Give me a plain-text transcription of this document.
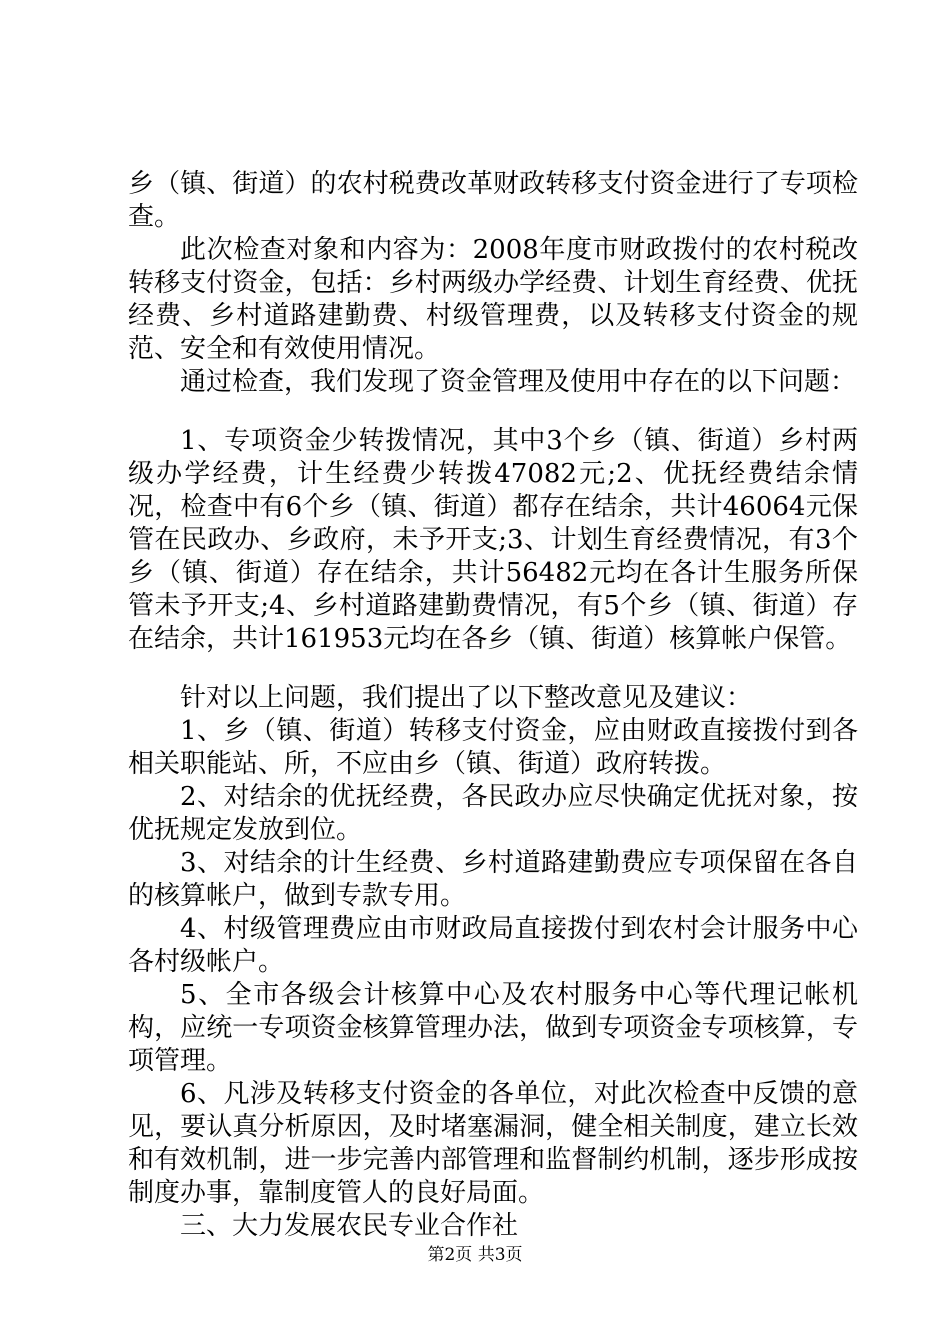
乡（镇、街道）的农村税费改革财政转移支付资金进行了专项检查。

此次检查对象和内容为：2008年度市财政拨付的农村税改转移支付资金，包括：乡村两级办学经费、计划生育经费、优抚经费、乡村道路建勤费、村级管理费，以及转移支付资金的规范、安全和有效使用情况。

通过检查，我们发现了资金管理及使用中存在的以下问题：

1、专项资金少转拨情况，其中3个乡（镇、街道）乡村两级办学经费，计生经费少转拨47082元;2、优抚经费结余情况，检查中有6个乡（镇、街道）都存在结余，共计46064元保管在民政办、乡政府，未予开支;3、计划生育经费情况，有3个乡（镇、街道）存在结余，共计56482元均在各计生服务所保管未予开支;4、乡村道路建勤费情况，有5个乡（镇、街道）存在结余，共计161953元均在各乡（镇、街道）核算帐户保管。

针对以上问题，我们提出了以下整改意见及建议：

1、乡（镇、街道）转移支付资金，应由财政直接拨付到各相关职能站、所，不应由乡（镇、街道）政府转拨。

2、对结余的优抚经费，各民政办应尽快确定优抚对象，按优抚规定发放到位。

3、对结余的计生经费、乡村道路建勤费应专项保留在各自的核算帐户，做到专款专用。

4、村级管理费应由市财政局直接拨付到农村会计服务中心各村级帐户。

5、全市各级会计核算中心及农村服务中心等代理记帐机构，应统一专项资金核算管理办法，做到专项资金专项核算，专项管理。

6、凡涉及转移支付资金的各单位，对此次检查中反馈的意见，要认真分析原因，及时堵塞漏洞，健全相关制度，建立长效和有效机制，进一步完善内部管理和监督制约机制，逐步形成按制度办事，靠制度管人的良好局面。

三、大力发展农民专业合作社

第2页 共3页
